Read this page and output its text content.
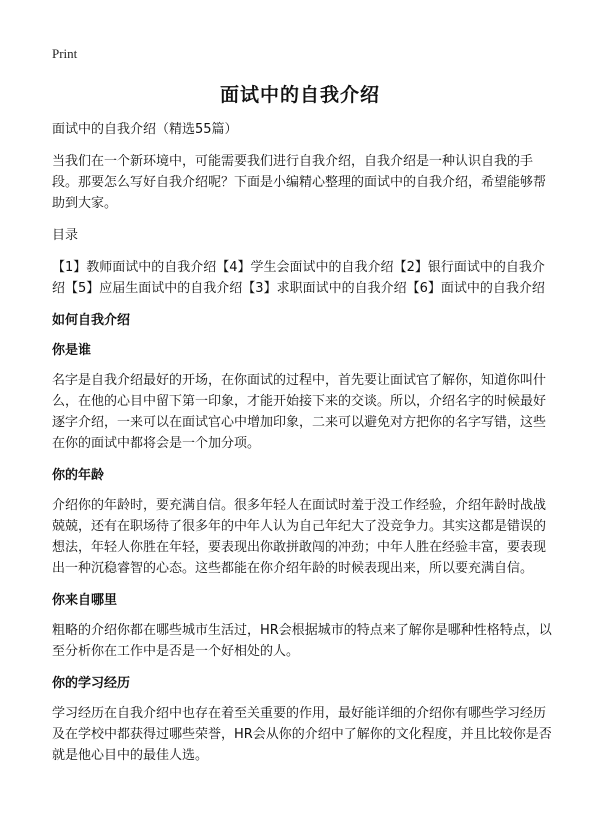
Print
面试中的自我介绍

面试中的自我介绍（精选55篇）

当我们在一个新环境中，可能需要我们进行自我介绍，自我介绍是一种认识自我的手段。那要怎么写好自我介绍呢？下面是小编精心整理的面试中的自我介绍，希望能够帮助到大家。

目录

【1】教师面试中的自我介绍【4】学生会面试中的自我介绍【2】银行面试中的自我介绍【5】应届生面试中的自我介绍【3】求职面试中的自我介绍【6】面试中的自我介绍

如何自我介绍
你是谁

名字是自我介绍最好的开场，在你面试的过程中，首先要让面试官了解你，知道你叫什么，在他的心目中留下第一印象，才能开始接下来的交谈。所以，介绍名字的时候最好逐字介绍，一来可以在面试官心中增加印象，二来可以避免对方把你的名字写错，这些在你的面试中都将会是一个加分项。

你的年龄

介绍你的年龄时，要充满自信。很多年轻人在面试时羞于没工作经验，介绍年龄时战战兢兢，还有在职场待了很多年的中年人认为自己年纪大了没竞争力。其实这都是错误的想法，年轻人你胜在年轻，要表现出你敢拼敢闯的冲劲；中年人胜在经验丰富，要表现出一种沉稳睿智的心态。这些都能在你介绍年龄的时候表现出来，所以要充满自信。

你来自哪里

粗略的介绍你都在哪些城市生活过，HR会根据城市的特点来了解你是哪种性格特点，以至分析你在工作中是否是一个好相处的人。

你的学习经历

学习经历在自我介绍中也存在着至关重要的作用，最好能详细的介绍你有哪些学习经历及在学校中都获得过哪些荣誉，HR会从你的介绍中了解你的文化程度，并且比较你是否就是他心目中的最佳人选。
